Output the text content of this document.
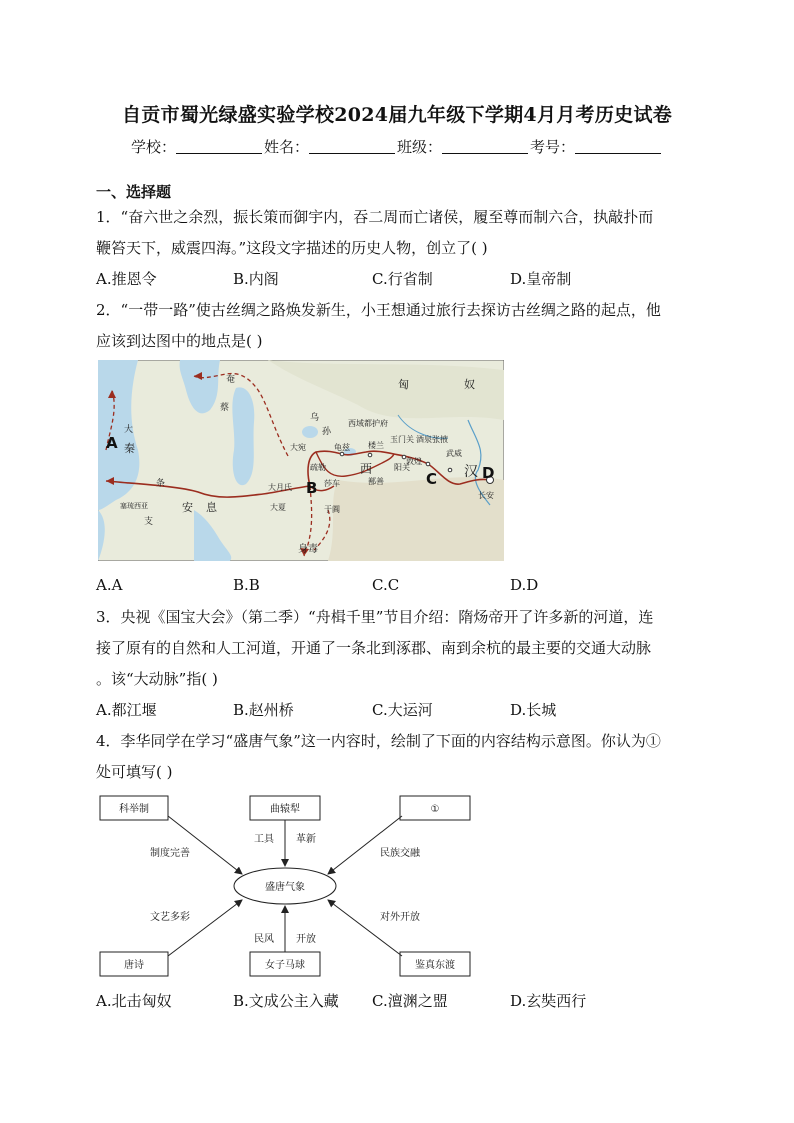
自贡市蜀光绿盛实验学校2024届九年级下学期4月月考历史试卷
学校：	姓名：	班级：	考号：
一、选择题
1．“奋六世之余烈，振长策而御宇内，吞二周而亡诸侯，履至尊而制六合，执敲扑而
鞭笞天下，威震四海。”这段文字描述的历史人物，创立了( )
A.推恩令	B.内阁	C.行省制	D.皇帝制
2．“一带一路”使古丝绸之路焕发新生，小王想通过旅行去探访古丝绸之路的起点，他
应该到达图中的地点是( )
奄
蔡
匈	奴
乌
孙
大
秦
条
支
安 息
大宛
大月氏
大夏
疏勒
莎车
于阗
西
龟兹
西域都护府
楼兰
玉门关
阳关
敦煌
酒泉 张掖
武威
鄯善
汉
长安
身毒
塞琉西亚
A
B	C	D
A.A	B.B	C.C	D.D
3．央视《国宝大会》（第二季）“舟楫千里”节目介绍：隋炀帝开了许多新的河道，连
接了原有的自然和人工河道，开通了一条北到涿郡、南到余杭的最主要的交通大动脉
。该“大动脉”指( )
A.都江堰	B.赵州桥	C.大运河	D.长城
4．李华同学在学习“盛唐气象”这一内容时，绘制了下面的内容结构示意图。你认为①
处可填写( )
科举制	曲辕犁	①
唐诗	女子马球	鉴真东渡
盛唐气象
制度完善
工具 革新
民族交融
文艺多彩
民风 开放
对外开放
A.北击匈奴	B.文成公主入藏 C.澶渊之盟	D.玄奘西行
